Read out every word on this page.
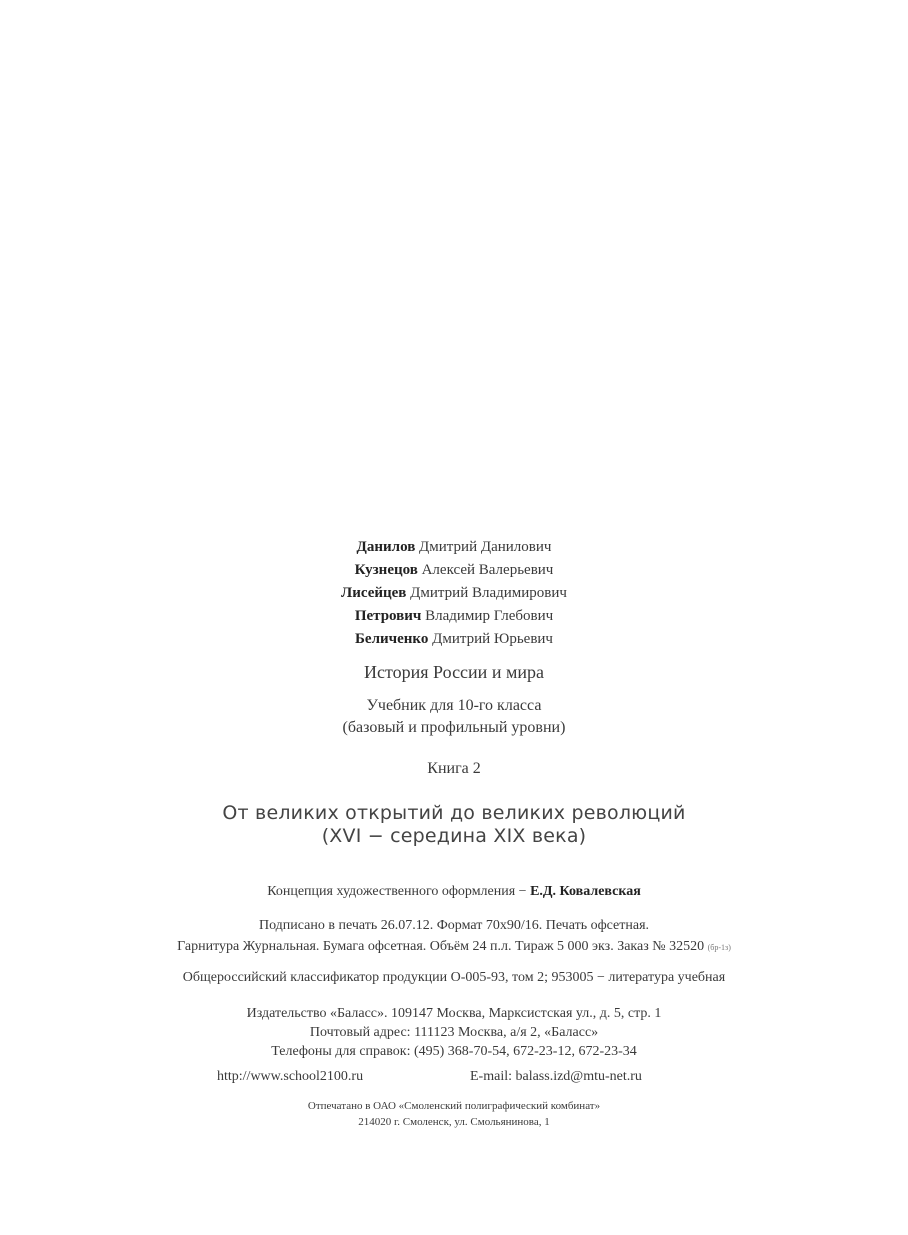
Данилов Дмитрий Данилович
Кузнецов Алексей Валерьевич
Лисейцев Дмитрий Владимирович
Петрович Владимир Глебович
Беличенко Дмитрий Юрьевич
История России и мира
Учебник для 10-го класса
(базовый и профильный уровни)
Книга 2
От великих открытий до великих революций
(XVI − середина XIX века)
Концепция художественного оформления − Е.Д. Ковалевская
Подписано в печать 26.07.12. Формат 70х90/16. Печать офсетная.
Гарнитура Журнальная. Бумага офсетная. Объём 24 п.л. Тираж 5 000 экз. Заказ № 32520 (бр-1з)
Общероссийский классификатор продукции О-005-93, том 2; 953005 − литература учебная
Издательство «Баласс». 109147 Москва, Марксистская ул., д. 5, стр. 1
Почтовый адрес: 111123 Москва, а/я 2, «Баласс»
Телефоны для справок: (495) 368-70-54, 672-23-12, 672-23-34
http://www.school2100.ru	E-mail: balass.izd@mtu-net.ru
Отпечатано в ОАО «Смоленский полиграфический комбинат»
214020 г. Смоленск, ул. Смольянинова, 1
